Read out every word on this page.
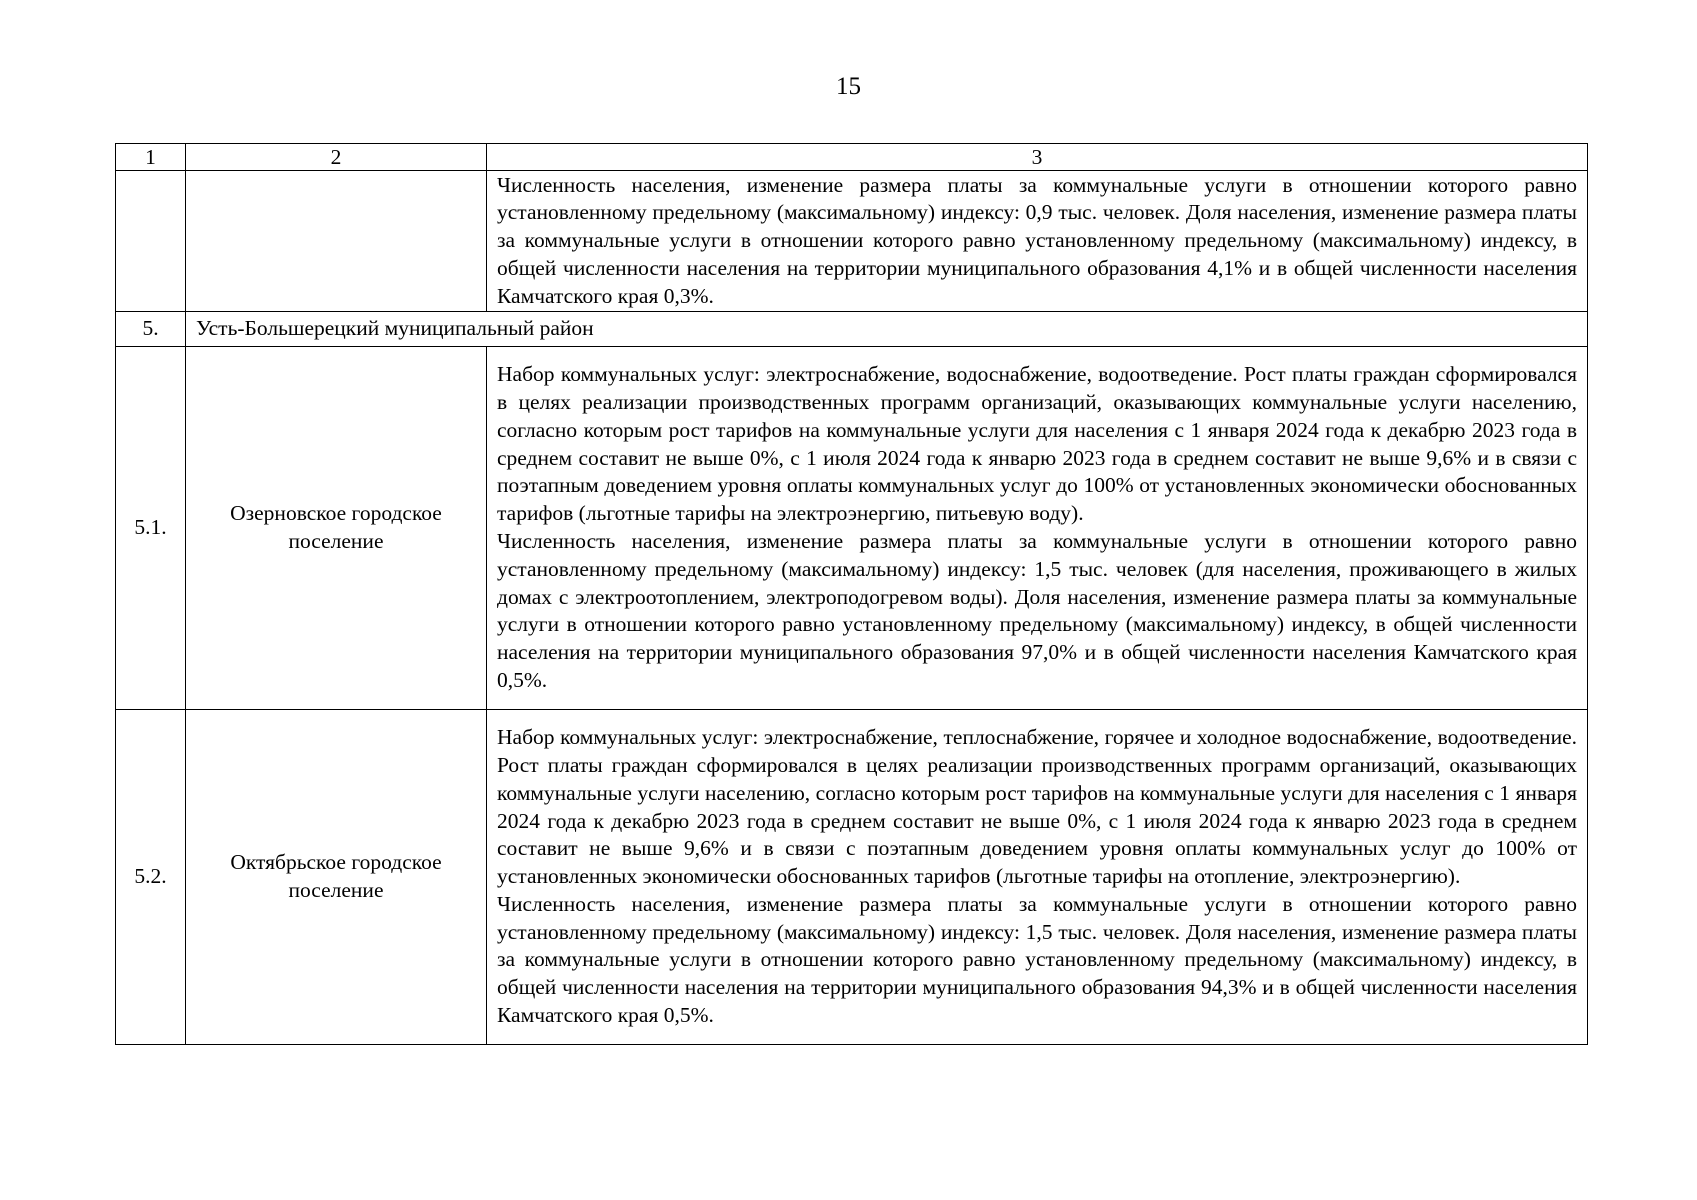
15
1	2	3

		Численность населения, изменение размера платы за коммунальные услуги в отношении которого равно установленному предельному (максимальному) индексу: 0,9 тыс. человек. Доля населения, изменение размера платы за коммунальные услуги в отношении которого равно установленному предельному (максимальному) индексу, в общей численности населения на территории муниципального образования 4,1% и в общей численности населения Камчатского края 0,3%.

5.	Усть-Большерецкий муниципальный район	
5.1.	Озерновское городское поселение	Набор коммунальных услуг: электроснабжение, водоснабжение, водоотведение. Рост платы граждан сформировался в целях реализации производственных программ организаций, оказывающих коммунальные услуги населению, согласно которым рост тарифов на коммунальные услуги для населения с 1 января 2024 года к декабрю 2023 года в среднем составит не выше 0%, с 1 июля 2024 года к январю 2023 года в среднем составит не выше 9,6% и в связи с поэтапным доведением уровня оплаты коммунальных услуг до 100% от установленных экономически обоснованных тарифов (льготные тарифы на электроэнергию, питьевую воду).

Численность населения, изменение размера платы за коммунальные услуги в отношении которого равно установленному предельному (максимальному) индексу: 1,5 тыс. человек (для населения, проживающего в жилых домах с электроотоплением, электроподогревом воды). Доля населения, изменение размера платы за коммунальные услуги в отношении которого равно установленному предельному (максимальному) индексу, в общей численности населения на территории муниципального образования 97,0% и в общей численности населения Камчатского края 0,5%.

5.2.	Октябрьское городское поселение	Набор коммунальных услуг: электроснабжение, теплоснабжение, горячее и холодное водоснабжение, водоотведение. Рост платы граждан сформировался в целях реализации производственных программ организаций, оказывающих коммунальные услуги населению, согласно которым рост тарифов на коммунальные услуги для населения с 1 января 2024 года к декабрю 2023 года в среднем составит не выше 0%, с 1 июля 2024 года к январю 2023 года в среднем составит не выше 9,6% и в связи с поэтапным доведением уровня оплаты коммунальных услуг до 100% от установленных экономически обоснованных тарифов (льготные тарифы на отопление, электроэнергию).

Численность населения, изменение размера платы за коммунальные услуги в отношении которого равно установленному предельному (максимальному) индексу: 1,5 тыс. человек. Доля населения, изменение размера платы за коммунальные услуги в отношении которого равно установленному предельному (максимальному) индексу, в общей численности населения на территории муниципального образования 94,3% и в общей численности населения Камчатского края 0,5%.
